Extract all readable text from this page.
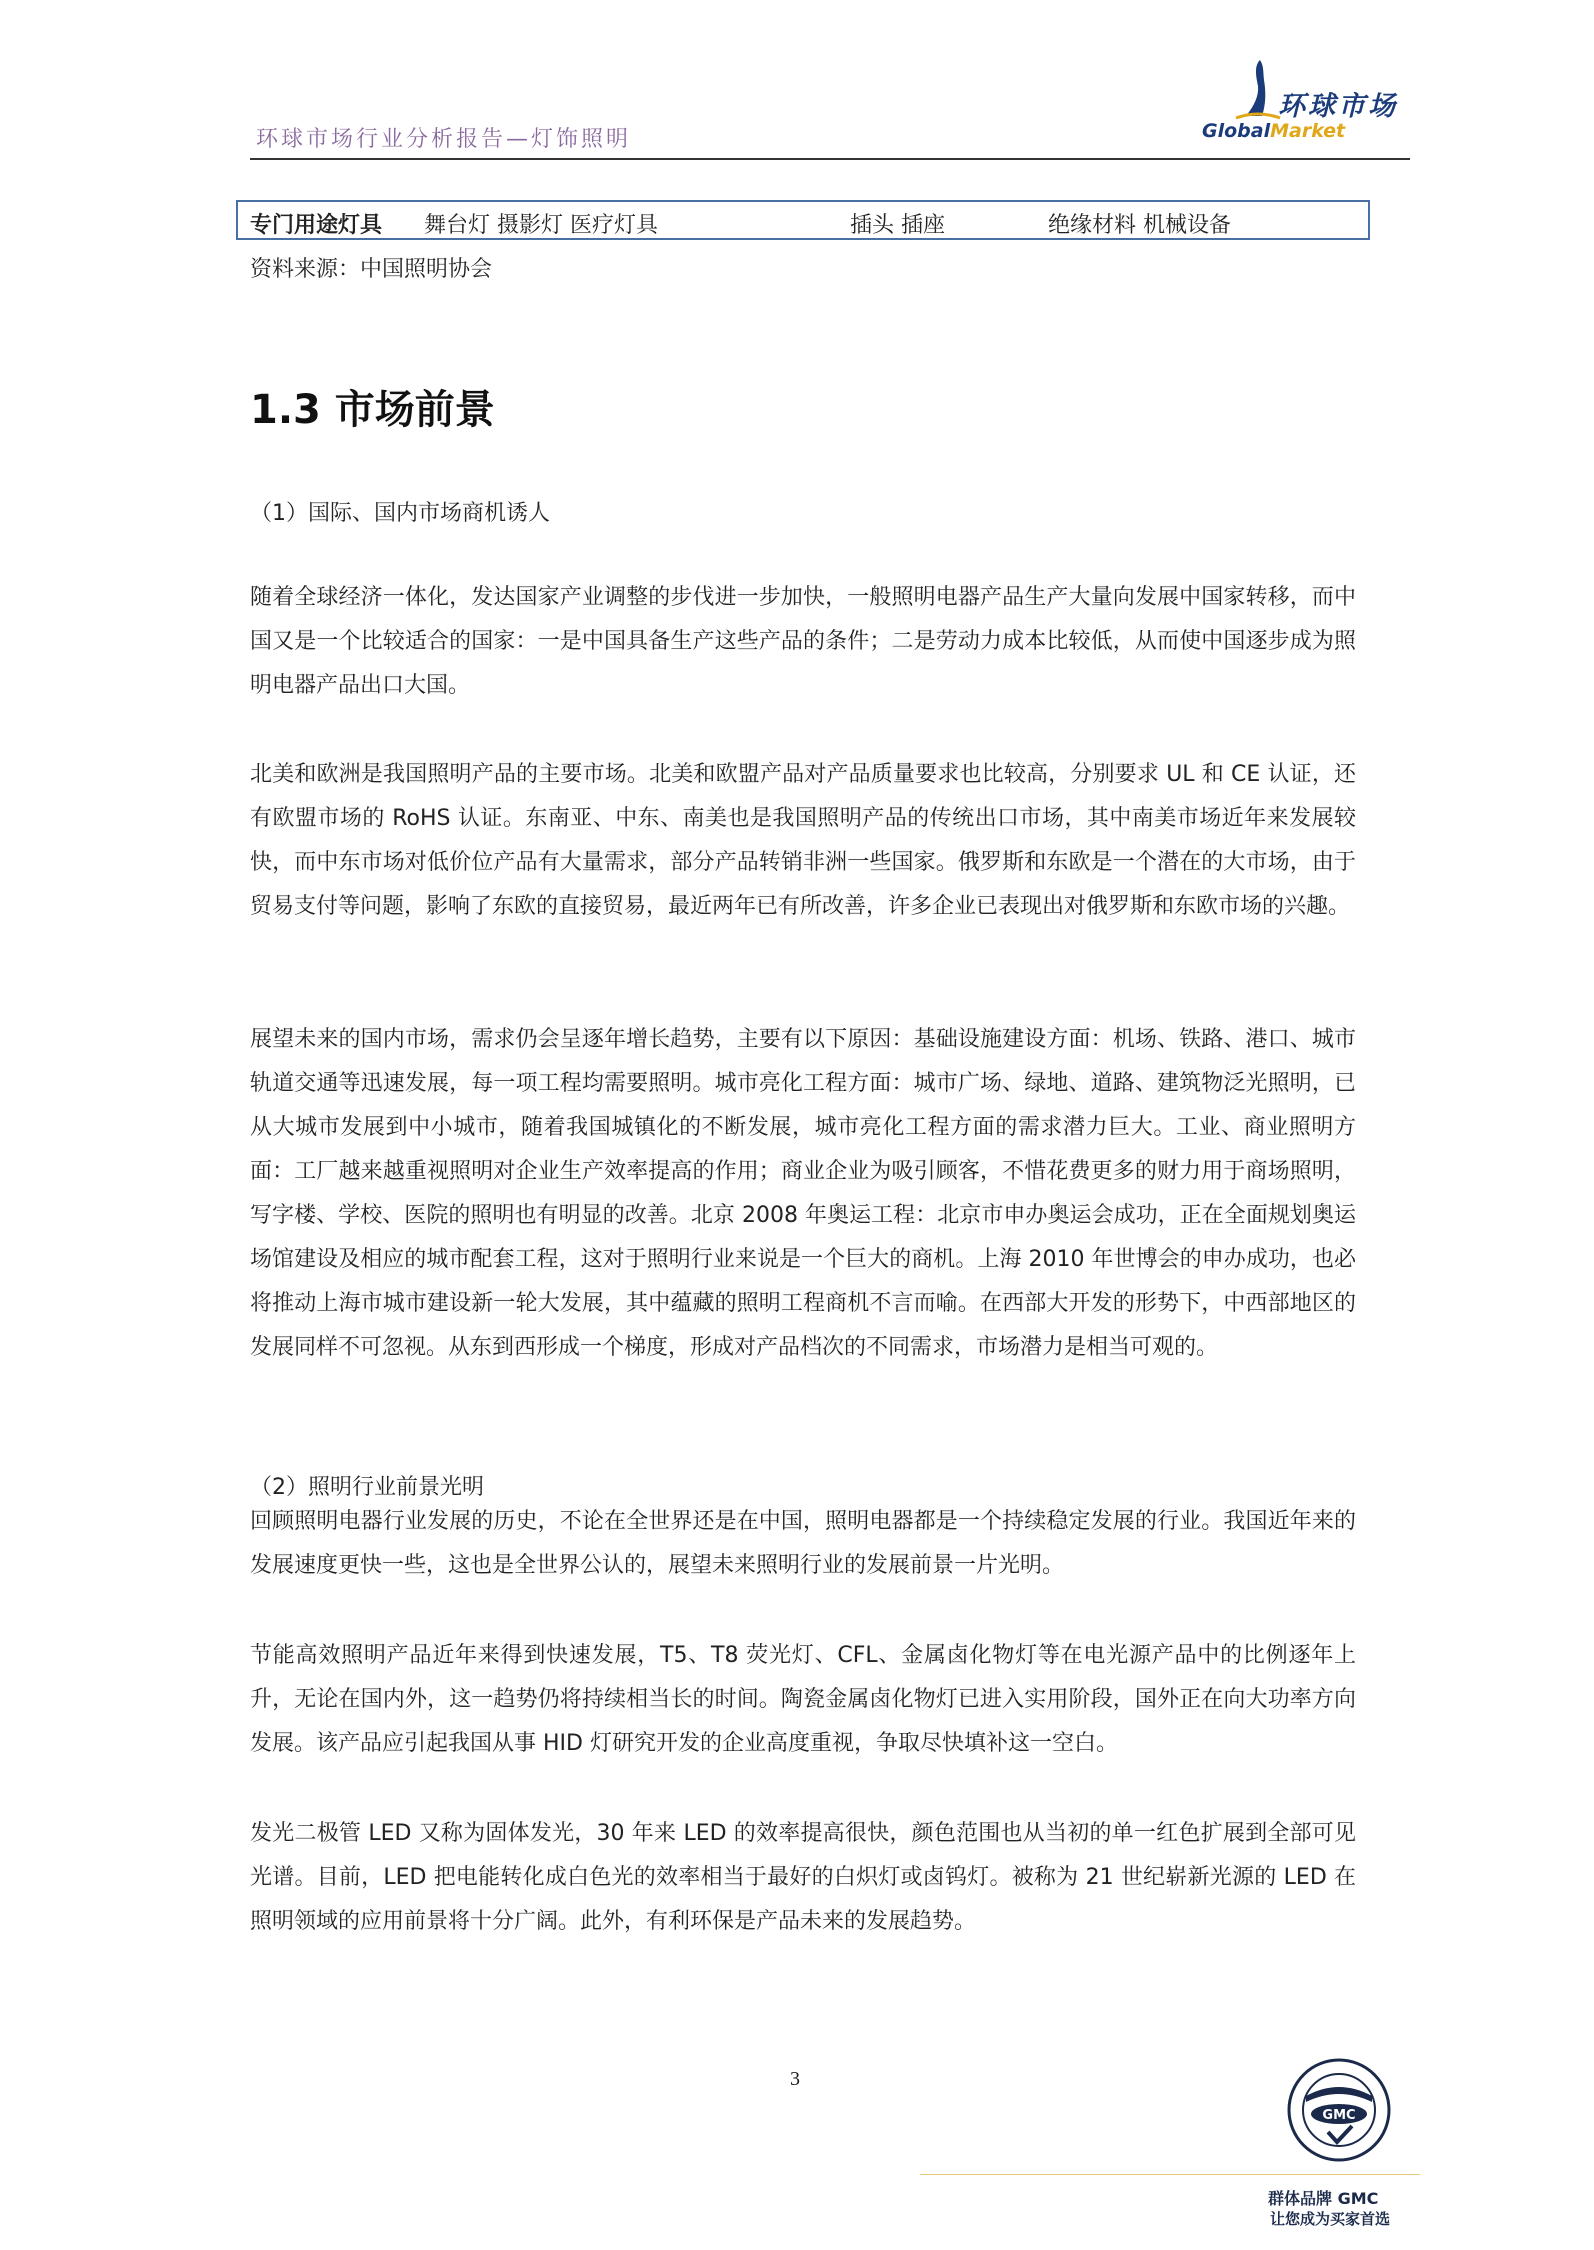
环球市场行业分析报告—灯饰照明
环球市场
GlobalMarket
专门用途灯具 舞台灯 摄影灯 医疗灯具	插头 插座	绝缘材料 机械设备
资料来源：中国照明协会
1.3 市场前景
（1）国际、国内市场商机诱人
随着全球经济一体化，发达国家产业调整的步伐进一步加快，一般照明电器产品生产大量向发展中国家转移，而中国又是一个比较适合的国家：一是中国具备生产这些产品的条件；二是劳动力成本比较低，从而使中国逐步成为照明电器产品出口大国。
北美和欧洲是我国照明产品的主要市场。北美和欧盟产品对产品质量要求也比较高，分别要求 UL 和 CE 认证，还有欧盟市场的 RoHS 认证。东南亚、中东、南美也是我国照明产品的传统出口市场，其中南美市场近年来发展较快，而中东市场对低价位产品有大量需求，部分产品转销非洲一些国家。俄罗斯和东欧是一个潜在的大市场，由于贸易支付等问题，影响了东欧的直接贸易，最近两年已有所改善，许多企业已表现出对俄罗斯和东欧市场的兴趣。
展望未来的国内市场，需求仍会呈逐年增长趋势，主要有以下原因：基础设施建设方面：机场、铁路、港口、城市轨道交通等迅速发展，每一项工程均需要照明。城市亮化工程方面：城市广场、绿地、道路、建筑物泛光照明，已从大城市发展到中小城市，随着我国城镇化的不断发展，城市亮化工程方面的需求潜力巨大。工业、商业照明方面：工厂越来越重视照明对企业生产效率提高的作用；商业企业为吸引顾客，不惜花费更多的财力用于商场照明，写字楼、学校、医院的照明也有明显的改善。北京 2008 年奥运工程：北京市申办奥运会成功，正在全面规划奥运场馆建设及相应的城市配套工程，这对于照明行业来说是一个巨大的商机。上海 2010 年世博会的申办成功，也必将推动上海市城市建设新一轮大发展，其中蕴藏的照明工程商机不言而喻。在西部大开发的形势下，中西部地区的发展同样不可忽视。从东到西形成一个梯度，形成对产品档次的不同需求，市场潜力是相当可观的。
（2）照明行业前景光明
回顾照明电器行业发展的历史，不论在全世界还是在中国，照明电器都是一个持续稳定发展的行业。我国近年来的发展速度更快一些，这也是全世界公认的，展望未来照明行业的发展前景一片光明。
节能高效照明产品近年来得到快速发展，T5、T8 荧光灯、CFL、金属卤化物灯等在电光源产品中的比例逐年上升，无论在国内外，这一趋势仍将持续相当长的时间。陶瓷金属卤化物灯已进入实用阶段，国外正在向大功率方向发展。该产品应引起我国从事 HID 灯研究开发的企业高度重视，争取尽快填补这一空白。
发光二极管 LED 又称为固体发光，30 年来 LED 的效率提高很快，颜色范围也从当初的单一红色扩展到全部可见光谱。目前，LED 把电能转化成白色光的效率相当于最好的白炽灯或卤钨灯。被称为 21 世纪崭新光源的 LED 在照明领域的应用前景将十分广阔。此外，有利环保是产品未来的发展趋势。
3
GMC
群体品牌 GMC
让您成为买家首选
